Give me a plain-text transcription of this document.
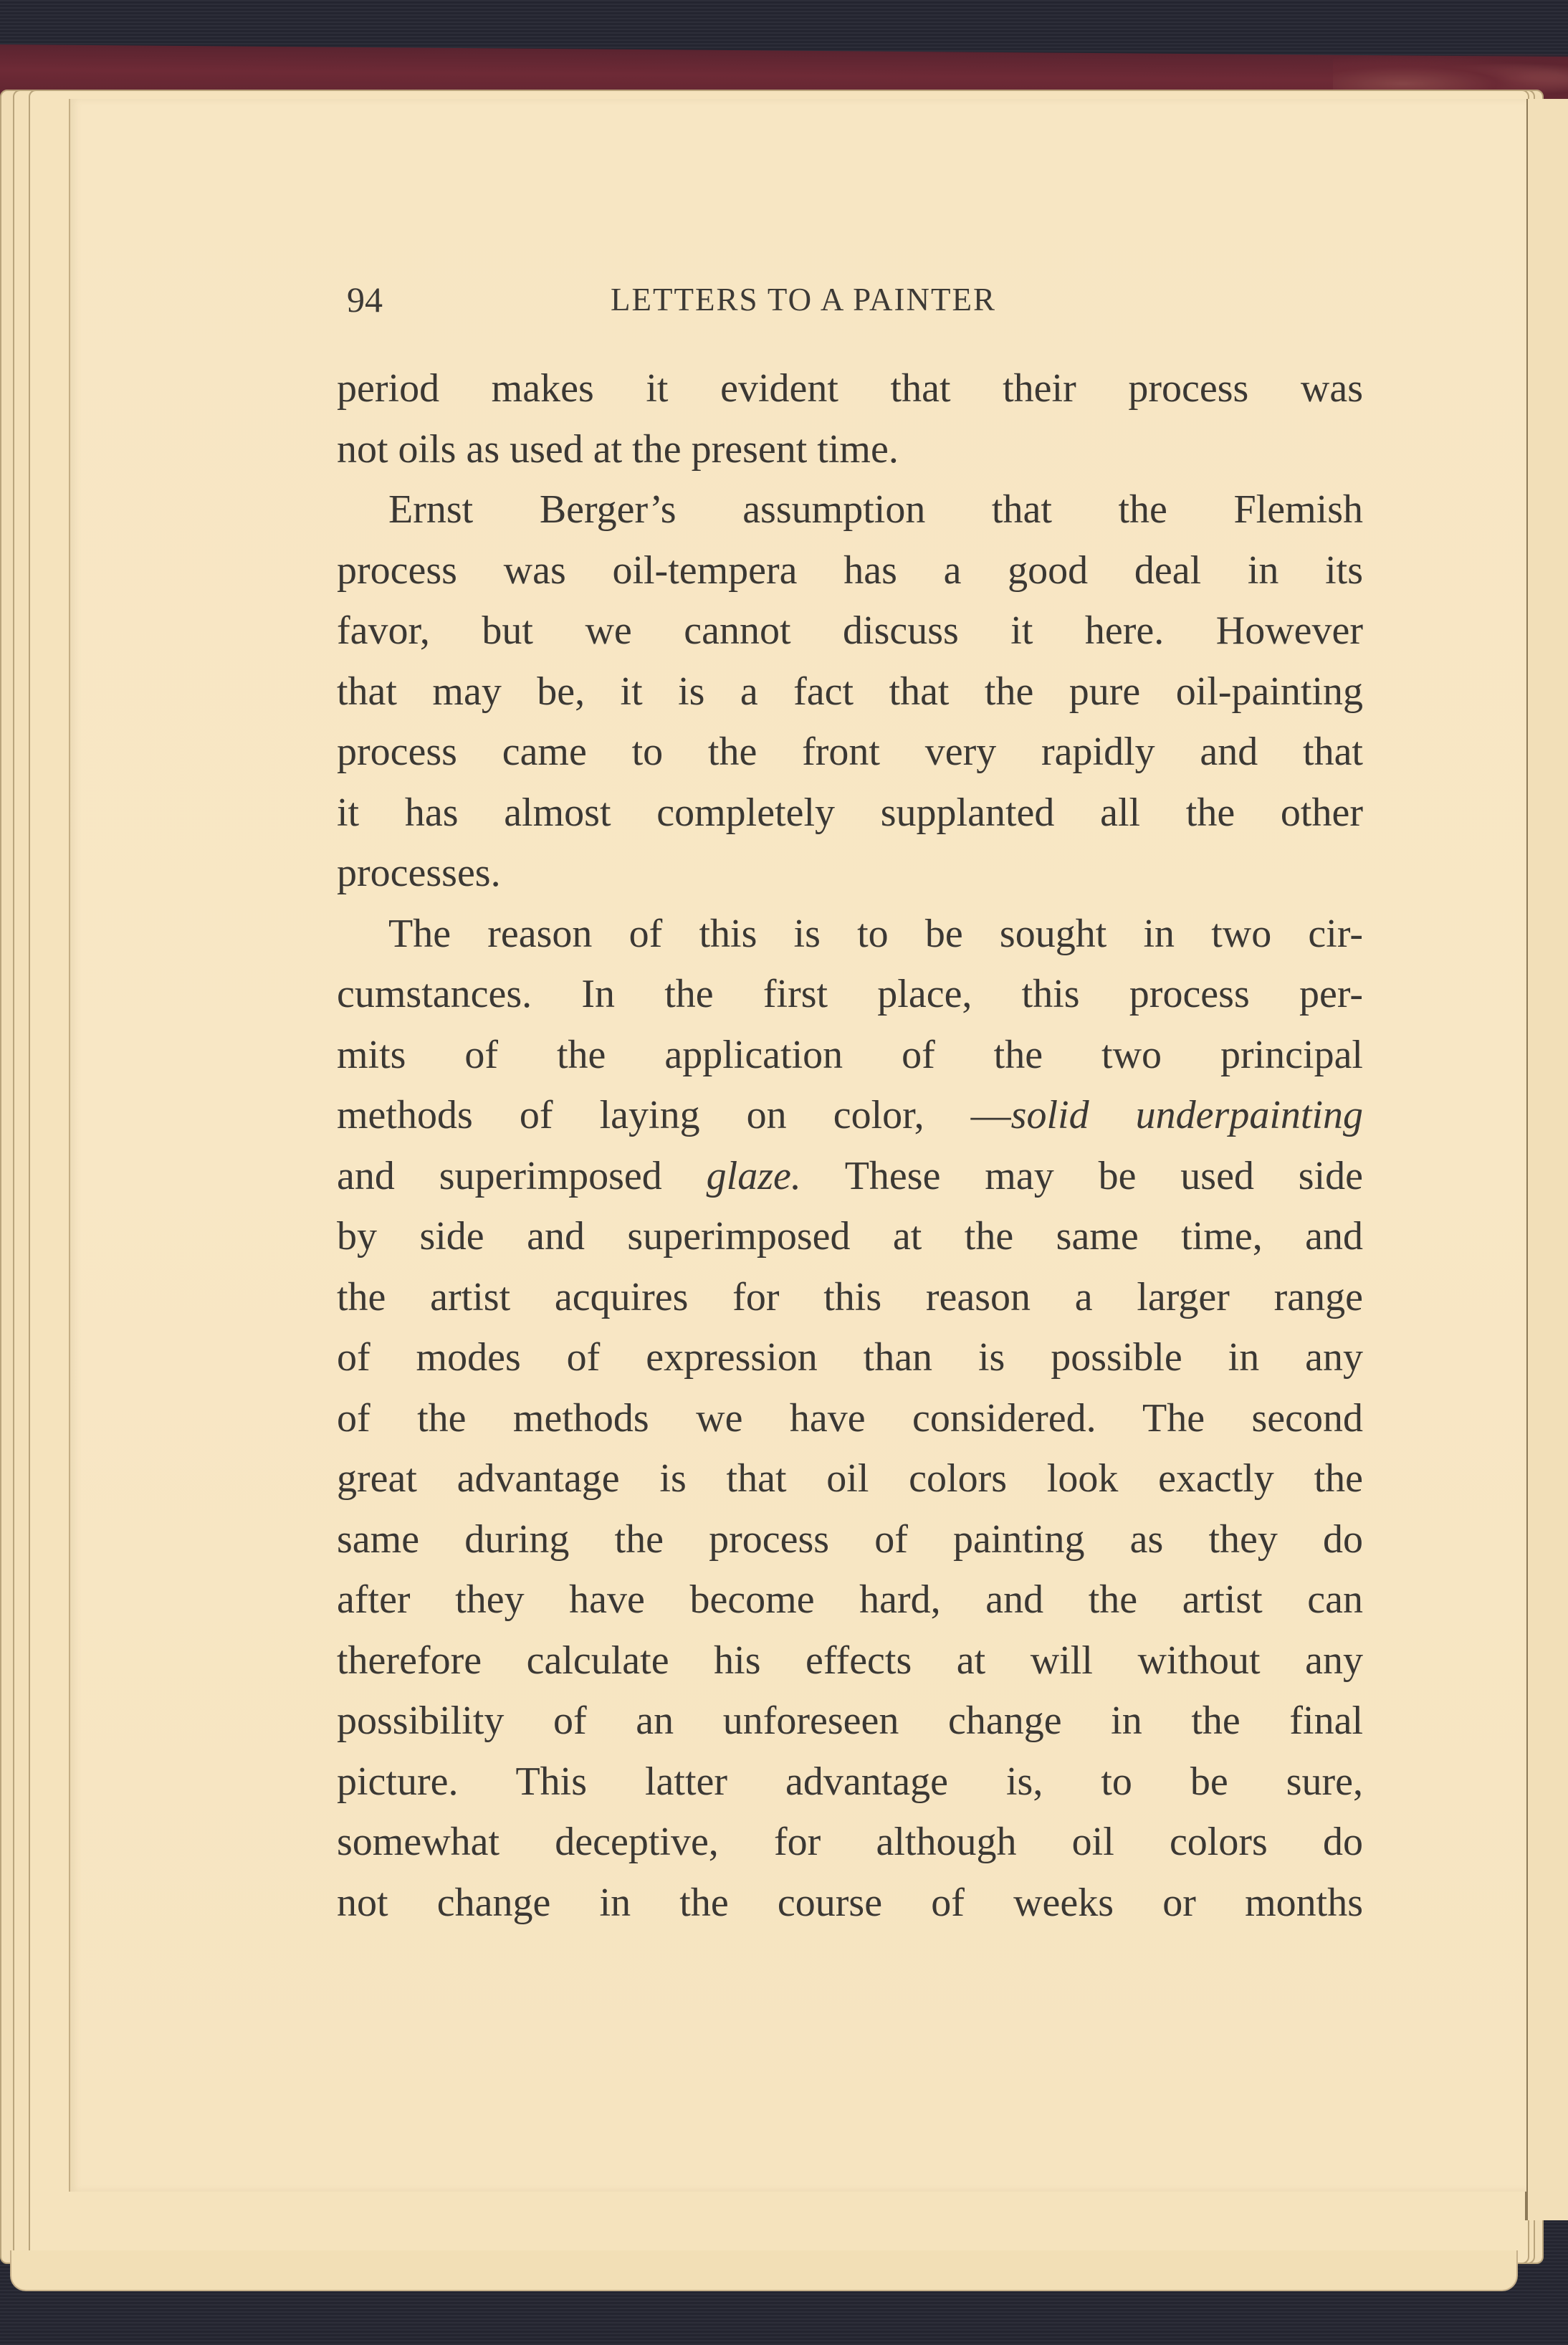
94	LETTERS TO A PAINTER
period makes it evident that their process was
not oils as used at the present time.
Ernst Berger’s assumption that the Flemish
process was oil-tempera has a good deal in its
favor, but we cannot discuss it here. However
that may be, it is a fact that the pure oil-painting
process came to the front very rapidly and that
it has almost completely supplanted all the other
processes.
The reason of this is to be sought in two cir-
cumstances. In the first place, this process per-
mits of the application of the two principal
methods of laying on color, —solid underpainting
and superimposed glaze. These may be used side
by side and superimposed at the same time, and
the artist acquires for this reason a larger range
of modes of expression than is possible in any
of the methods we have considered. The second
great advantage is that oil colors look exactly the
same during the process of painting as they do
after they have become hard, and the artist can
therefore calculate his effects at will without any
possibility of an unforeseen change in the final
picture. This latter advantage is, to be sure,
somewhat deceptive, for although oil colors do
not change in the course of weeks or months
